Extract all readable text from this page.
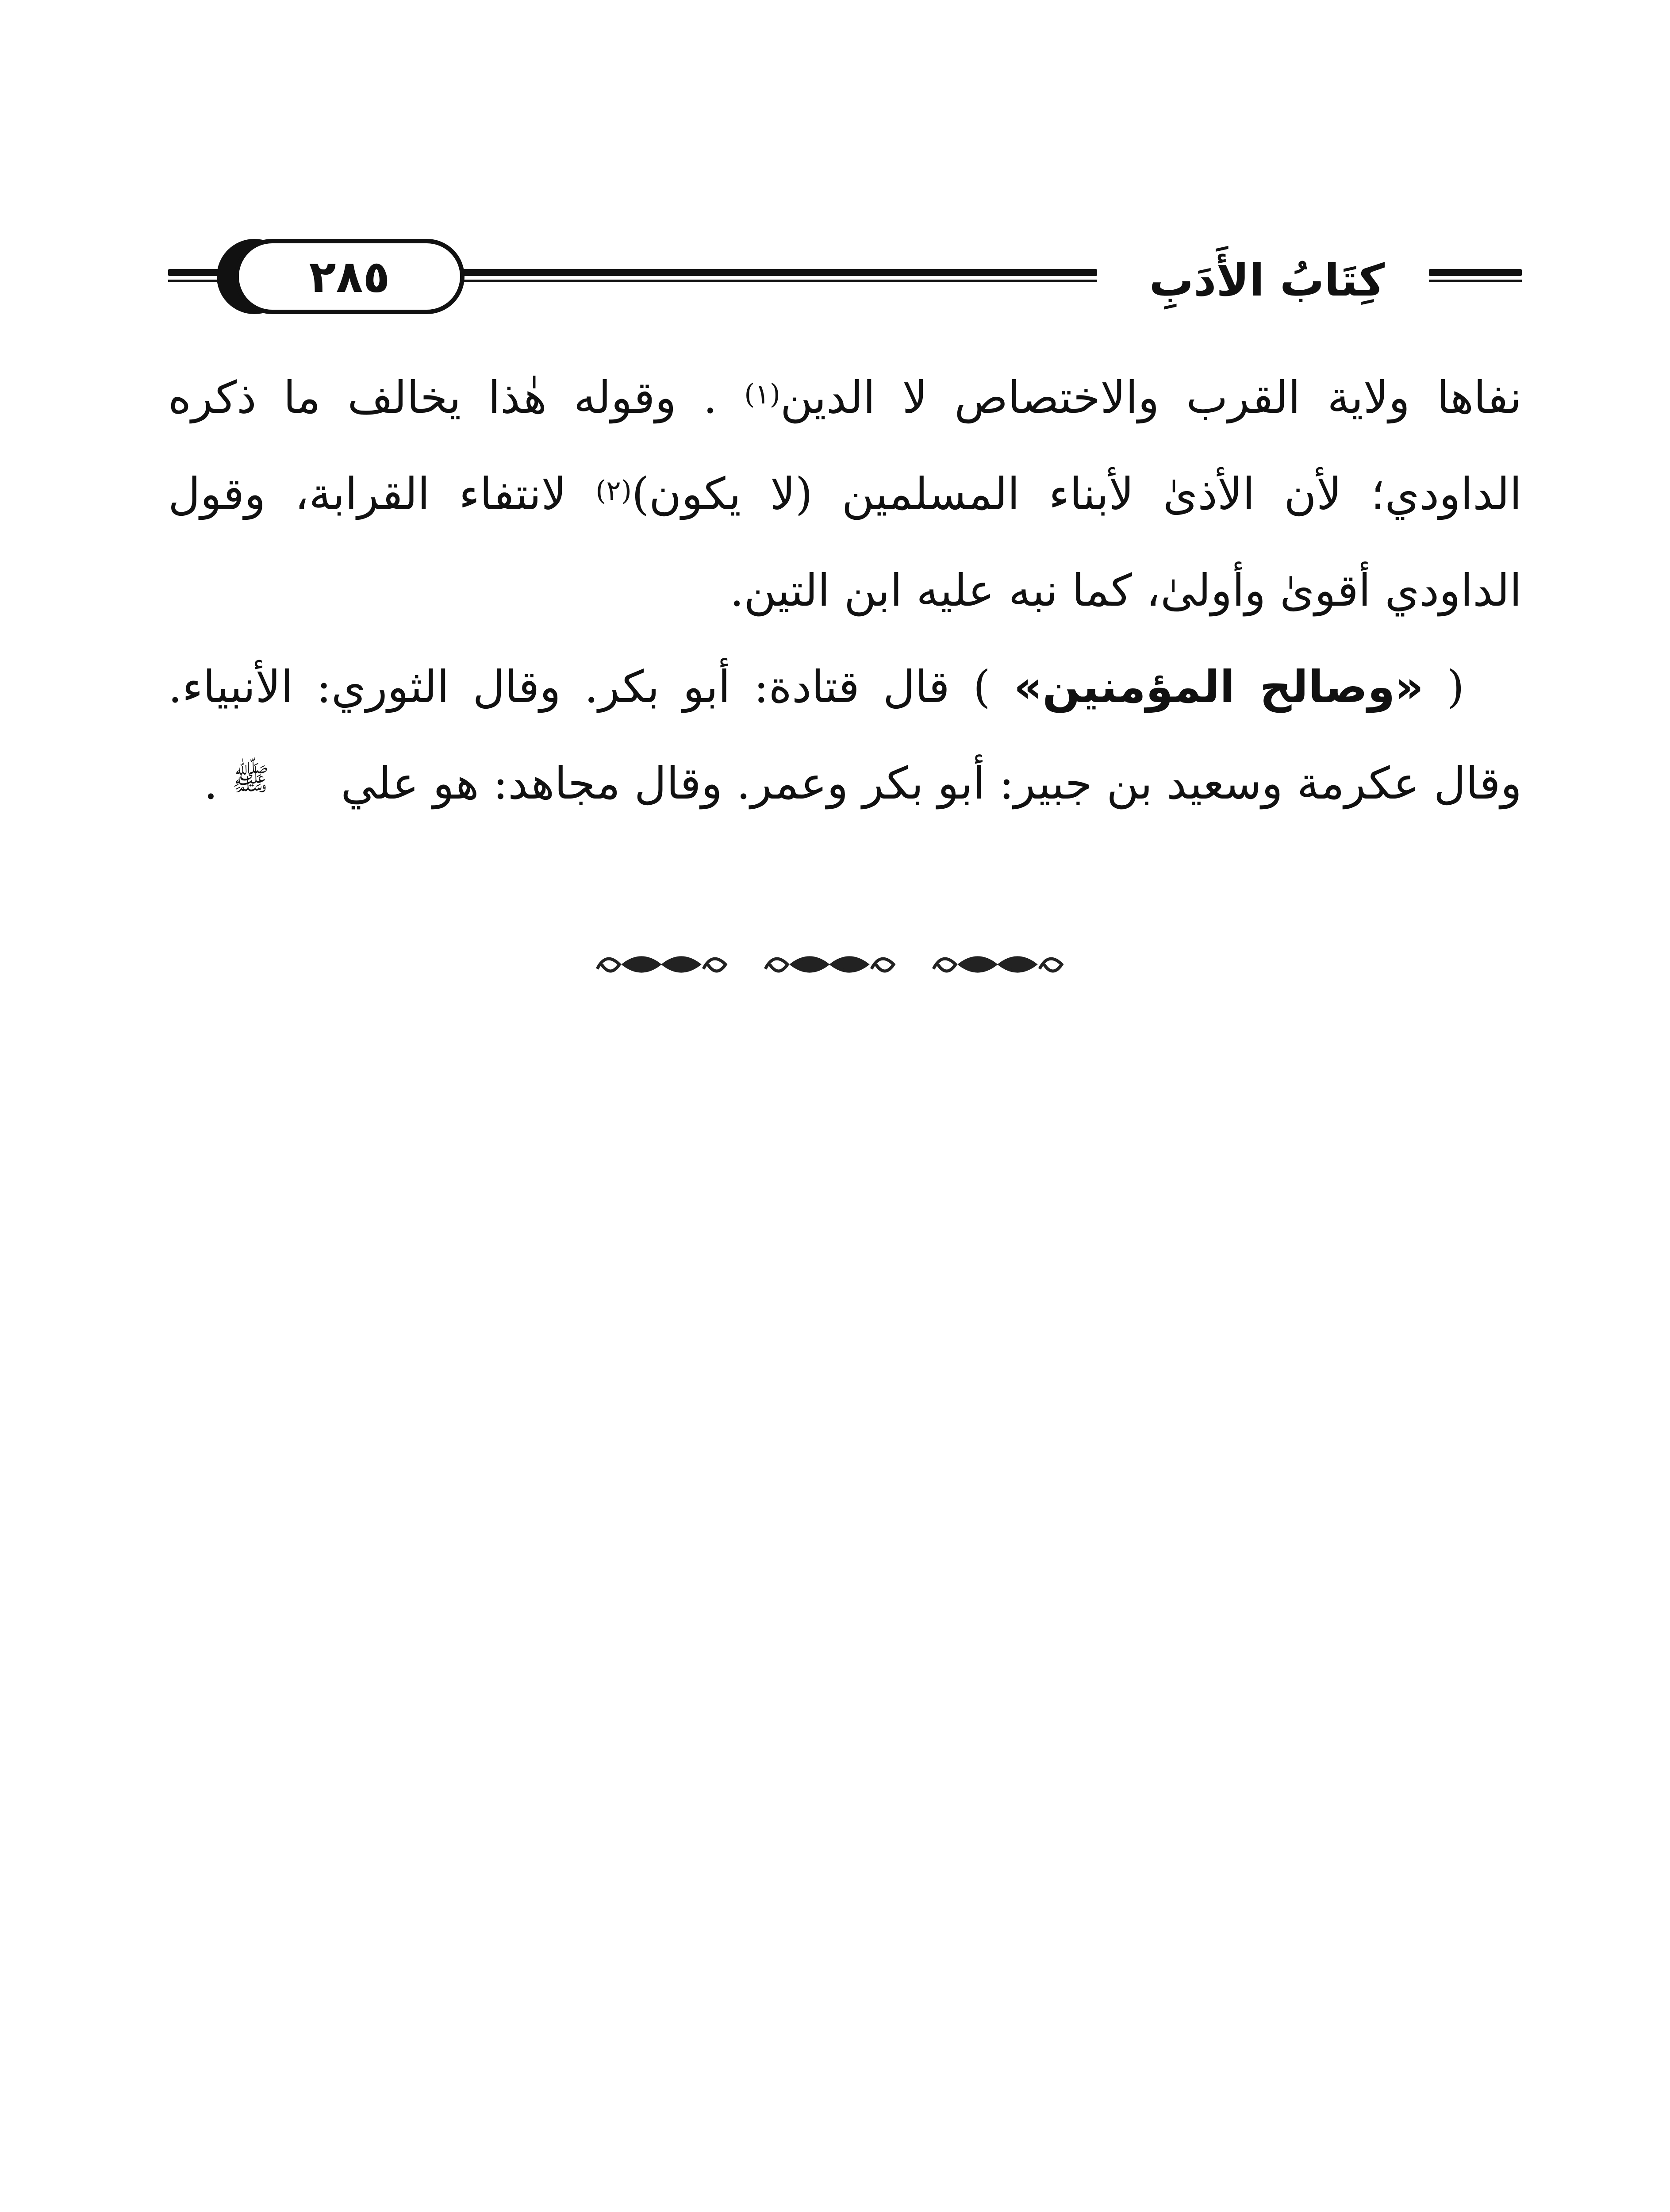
٢٨٥	كِتَابُ الأَدَبِ

نفاها ولاية القرب والاختصاص لا الدين$^{(١)}$ . وقوله هٰذا يخالف ما ذكره الداودي؛ لأن الأذىٰ لأبناء المسلمين (لا يكون)$^{(٢)}$ لانتفاء القرابة، وقول الداودي أقوىٰ وأولىٰ، كما نبه عليه ابن التين.

( «وصالح المؤمنين» ) قال قتادة: أبو بكر. وقال الثوري: الأنبياء. وقال عكرمة وسعيد بن جبير: أبو بكر وعمر. وقال مجاهد: هو علي ﷺ .
